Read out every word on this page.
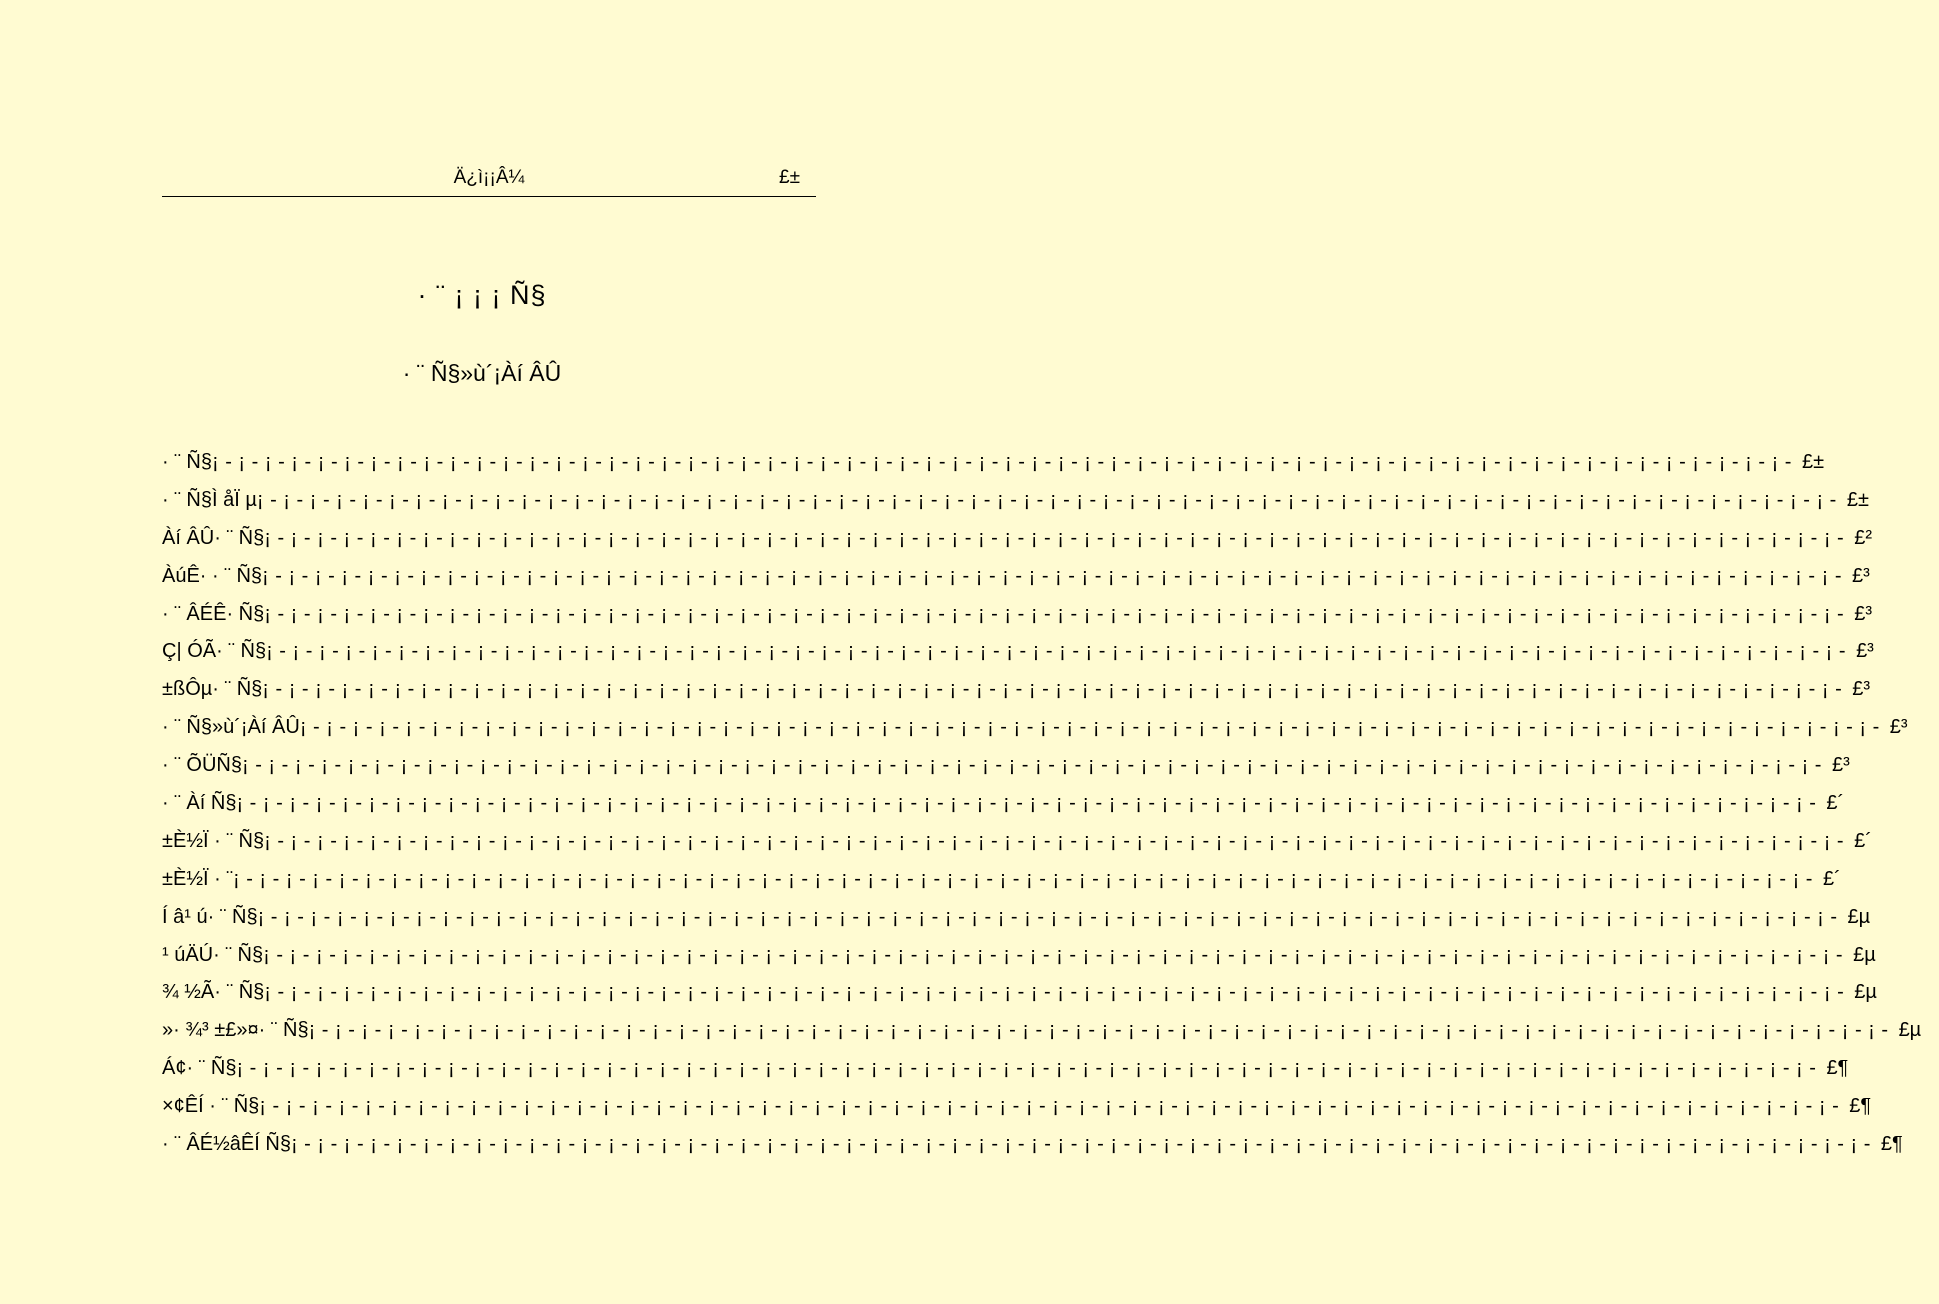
Ä¿ì¡¡Â¼	£±
· ¨ ¡ ¡ ¡ Ñ§
· ¨ Ñ§»ù´¡Àí ÂÛ
· ¨ Ñ§ ¡ - ¡ - ¡ - ¡ - ¡ - ¡ - ¡ - ¡ - ¡ - ¡ - ¡ - ¡ - ¡ - ¡ - ¡ - ¡ - ¡ - ¡ - ¡ - ¡ - ¡ - ¡ - ¡ - ¡ - ¡ - ¡ - ¡ - ¡ - ¡ - ¡ - ¡ - ¡ - ¡ - ¡ - ¡ - ¡ - ¡ - ¡ - ¡ - ¡ - ¡ - ¡ - ¡ - ¡ - ¡ - ¡ - ¡ - ¡ - ¡ - ¡ - ¡ - ¡ - ¡ - ¡ - ¡ - ¡ - ¡ - ¡ - ¡ - ¡ - £±
· ¨ Ñ§Ì åÏ µ ¡ - ¡ - ¡ - ¡ - ¡ - ¡ - ¡ - ¡ - ¡ - ¡ - ¡ - ¡ - ¡ - ¡ - ¡ - ¡ - ¡ - ¡ - ¡ - ¡ - ¡ - ¡ - ¡ - ¡ - ¡ - ¡ - ¡ - ¡ - ¡ - ¡ - ¡ - ¡ - ¡ - ¡ - ¡ - ¡ - ¡ - ¡ - ¡ - ¡ - ¡ - ¡ - ¡ - ¡ - ¡ - ¡ - ¡ - ¡ - ¡ - ¡ - ¡ - ¡ - ¡ - ¡ - ¡ - ¡ - ¡ - ¡ - ¡ - ¡ - £±
Àí ÂÛ· ¨ Ñ§ ¡ - ¡ - ¡ - ¡ - ¡ - ¡ - ¡ - ¡ - ¡ - ¡ - ¡ - ¡ - ¡ - ¡ - ¡ - ¡ - ¡ - ¡ - ¡ - ¡ - ¡ - ¡ - ¡ - ¡ - ¡ - ¡ - ¡ - ¡ - ¡ - ¡ - ¡ - ¡ - ¡ - ¡ - ¡ - ¡ - ¡ - ¡ - ¡ - ¡ - ¡ - ¡ - ¡ - ¡ - ¡ - ¡ - ¡ - ¡ - ¡ - ¡ - ¡ - ¡ - ¡ - ¡ - ¡ - ¡ - ¡ - ¡ - ¡ - ¡ - £²
ÀúÊ· · ¨ Ñ§ ¡ - ¡ - ¡ - ¡ - ¡ - ¡ - ¡ - ¡ - ¡ - ¡ - ¡ - ¡ - ¡ - ¡ - ¡ - ¡ - ¡ - ¡ - ¡ - ¡ - ¡ - ¡ - ¡ - ¡ - ¡ - ¡ - ¡ - ¡ - ¡ - ¡ - ¡ - ¡ - ¡ - ¡ - ¡ - ¡ - ¡ - ¡ - ¡ - ¡ - ¡ - ¡ - ¡ - ¡ - ¡ - ¡ - ¡ - ¡ - ¡ - ¡ - ¡ - ¡ - ¡ - ¡ - ¡ - ¡ - ¡ - ¡ - ¡ - ¡ - £³
· ¨ ÂÉÊ· Ñ§ ¡ - ¡ - ¡ - ¡ - ¡ - ¡ - ¡ - ¡ - ¡ - ¡ - ¡ - ¡ - ¡ - ¡ - ¡ - ¡ - ¡ - ¡ - ¡ - ¡ - ¡ - ¡ - ¡ - ¡ - ¡ - ¡ - ¡ - ¡ - ¡ - ¡ - ¡ - ¡ - ¡ - ¡ - ¡ - ¡ - ¡ - ¡ - ¡ - ¡ - ¡ - ¡ - ¡ - ¡ - ¡ - ¡ - ¡ - ¡ - ¡ - ¡ - ¡ - ¡ - ¡ - ¡ - ¡ - ¡ - ¡ - ¡ - ¡ - ¡ - £³
Ç| ÓÃ· ¨ Ñ§ ¡ - ¡ - ¡ - ¡ - ¡ - ¡ - ¡ - ¡ - ¡ - ¡ - ¡ - ¡ - ¡ - ¡ - ¡ - ¡ - ¡ - ¡ - ¡ - ¡ - ¡ - ¡ - ¡ - ¡ - ¡ - ¡ - ¡ - ¡ - ¡ - ¡ - ¡ - ¡ - ¡ - ¡ - ¡ - ¡ - ¡ - ¡ - ¡ - ¡ - ¡ - ¡ - ¡ - ¡ - ¡ - ¡ - ¡ - ¡ - ¡ - ¡ - ¡ - ¡ - ¡ - ¡ - ¡ - ¡ - ¡ - ¡ - ¡ - ¡ - £³
±ßÔµ· ¨ Ñ§ ¡ - ¡ - ¡ - ¡ - ¡ - ¡ - ¡ - ¡ - ¡ - ¡ - ¡ - ¡ - ¡ - ¡ - ¡ - ¡ - ¡ - ¡ - ¡ - ¡ - ¡ - ¡ - ¡ - ¡ - ¡ - ¡ - ¡ - ¡ - ¡ - ¡ - ¡ - ¡ - ¡ - ¡ - ¡ - ¡ - ¡ - ¡ - ¡ - ¡ - ¡ - ¡ - ¡ - ¡ - ¡ - ¡ - ¡ - ¡ - ¡ - ¡ - ¡ - ¡ - ¡ - ¡ - ¡ - ¡ - ¡ - ¡ - ¡ - ¡ - £³
· ¨ Ñ§»ù´¡Àí ÂÛ ¡ - ¡ - ¡ - ¡ - ¡ - ¡ - ¡ - ¡ - ¡ - ¡ - ¡ - ¡ - ¡ - ¡ - ¡ - ¡ - ¡ - ¡ - ¡ - ¡ - ¡ - ¡ - ¡ - ¡ - ¡ - ¡ - ¡ - ¡ - ¡ - ¡ - ¡ - ¡ - ¡ - ¡ - ¡ - ¡ - ¡ - ¡ - ¡ - ¡ - ¡ - ¡ - ¡ - ¡ - ¡ - ¡ - ¡ - ¡ - ¡ - ¡ - ¡ - ¡ - ¡ - ¡ - ¡ - ¡ - ¡ - ¡ - ¡ - ¡ - £³
· ¨ ÕÜÑ§ ¡ - ¡ - ¡ - ¡ - ¡ - ¡ - ¡ - ¡ - ¡ - ¡ - ¡ - ¡ - ¡ - ¡ - ¡ - ¡ - ¡ - ¡ - ¡ - ¡ - ¡ - ¡ - ¡ - ¡ - ¡ - ¡ - ¡ - ¡ - ¡ - ¡ - ¡ - ¡ - ¡ - ¡ - ¡ - ¡ - ¡ - ¡ - ¡ - ¡ - ¡ - ¡ - ¡ - ¡ - ¡ - ¡ - ¡ - ¡ - ¡ - ¡ - ¡ - ¡ - ¡ - ¡ - ¡ - ¡ - ¡ - ¡ - ¡ - ¡ - £³
· ¨ Àí Ñ§ ¡ - ¡ - ¡ - ¡ - ¡ - ¡ - ¡ - ¡ - ¡ - ¡ - ¡ - ¡ - ¡ - ¡ - ¡ - ¡ - ¡ - ¡ - ¡ - ¡ - ¡ - ¡ - ¡ - ¡ - ¡ - ¡ - ¡ - ¡ - ¡ - ¡ - ¡ - ¡ - ¡ - ¡ - ¡ - ¡ - ¡ - ¡ - ¡ - ¡ - ¡ - ¡ - ¡ - ¡ - ¡ - ¡ - ¡ - ¡ - ¡ - ¡ - ¡ - ¡ - ¡ - ¡ - ¡ - ¡ - ¡ - ¡ - ¡ - ¡ - £´
±È½Ï · ¨ Ñ§ ¡ - ¡ - ¡ - ¡ - ¡ - ¡ - ¡ - ¡ - ¡ - ¡ - ¡ - ¡ - ¡ - ¡ - ¡ - ¡ - ¡ - ¡ - ¡ - ¡ - ¡ - ¡ - ¡ - ¡ - ¡ - ¡ - ¡ - ¡ - ¡ - ¡ - ¡ - ¡ - ¡ - ¡ - ¡ - ¡ - ¡ - ¡ - ¡ - ¡ - ¡ - ¡ - ¡ - ¡ - ¡ - ¡ - ¡ - ¡ - ¡ - ¡ - ¡ - ¡ - ¡ - ¡ - ¡ - ¡ - ¡ - ¡ - ¡ - ¡ - £´
±È½Ï · ¨ ¡ - ¡ - ¡ - ¡ - ¡ - ¡ - ¡ - ¡ - ¡ - ¡ - ¡ - ¡ - ¡ - ¡ - ¡ - ¡ - ¡ - ¡ - ¡ - ¡ - ¡ - ¡ - ¡ - ¡ - ¡ - ¡ - ¡ - ¡ - ¡ - ¡ - ¡ - ¡ - ¡ - ¡ - ¡ - ¡ - ¡ - ¡ - ¡ - ¡ - ¡ - ¡ - ¡ - ¡ - ¡ - ¡ - ¡ - ¡ - ¡ - ¡ - ¡ - ¡ - ¡ - ¡ - ¡ - ¡ - ¡ - ¡ - ¡ - ¡ - £´
Í â¹ ú· ¨ Ñ§ ¡ - ¡ - ¡ - ¡ - ¡ - ¡ - ¡ - ¡ - ¡ - ¡ - ¡ - ¡ - ¡ - ¡ - ¡ - ¡ - ¡ - ¡ - ¡ - ¡ - ¡ - ¡ - ¡ - ¡ - ¡ - ¡ - ¡ - ¡ - ¡ - ¡ - ¡ - ¡ - ¡ - ¡ - ¡ - ¡ - ¡ - ¡ - ¡ - ¡ - ¡ - ¡ - ¡ - ¡ - ¡ - ¡ - ¡ - ¡ - ¡ - ¡ - ¡ - ¡ - ¡ - ¡ - ¡ - ¡ - ¡ - ¡ - ¡ - ¡ - £µ
¹ úÄÚ· ¨ Ñ§ ¡ - ¡ - ¡ - ¡ - ¡ - ¡ - ¡ - ¡ - ¡ - ¡ - ¡ - ¡ - ¡ - ¡ - ¡ - ¡ - ¡ - ¡ - ¡ - ¡ - ¡ - ¡ - ¡ - ¡ - ¡ - ¡ - ¡ - ¡ - ¡ - ¡ - ¡ - ¡ - ¡ - ¡ - ¡ - ¡ - ¡ - ¡ - ¡ - ¡ - ¡ - ¡ - ¡ - ¡ - ¡ - ¡ - ¡ - ¡ - ¡ - ¡ - ¡ - ¡ - ¡ - ¡ - ¡ - ¡ - ¡ - ¡ - ¡ - ¡ - £µ
¾ ½Ã· ¨ Ñ§ ¡ - ¡ - ¡ - ¡ - ¡ - ¡ - ¡ - ¡ - ¡ - ¡ - ¡ - ¡ - ¡ - ¡ - ¡ - ¡ - ¡ - ¡ - ¡ - ¡ - ¡ - ¡ - ¡ - ¡ - ¡ - ¡ - ¡ - ¡ - ¡ - ¡ - ¡ - ¡ - ¡ - ¡ - ¡ - ¡ - ¡ - ¡ - ¡ - ¡ - ¡ - ¡ - ¡ - ¡ - ¡ - ¡ - ¡ - ¡ - ¡ - ¡ - ¡ - ¡ - ¡ - ¡ - ¡ - ¡ - ¡ - ¡ - ¡ - ¡ - £µ
»· ¾³ ±£»¤· ¨ Ñ§ ¡ - ¡ - ¡ - ¡ - ¡ - ¡ - ¡ - ¡ - ¡ - ¡ - ¡ - ¡ - ¡ - ¡ - ¡ - ¡ - ¡ - ¡ - ¡ - ¡ - ¡ - ¡ - ¡ - ¡ - ¡ - ¡ - ¡ - ¡ - ¡ - ¡ - ¡ - ¡ - ¡ - ¡ - ¡ - ¡ - ¡ - ¡ - ¡ - ¡ - ¡ - ¡ - ¡ - ¡ - ¡ - ¡ - ¡ - ¡ - ¡ - ¡ - ¡ - ¡ - ¡ - ¡ - ¡ - ¡ - ¡ - ¡ - ¡ - ¡ - £µ
Á¢· ¨ Ñ§ ¡ - ¡ - ¡ - ¡ - ¡ - ¡ - ¡ - ¡ - ¡ - ¡ - ¡ - ¡ - ¡ - ¡ - ¡ - ¡ - ¡ - ¡ - ¡ - ¡ - ¡ - ¡ - ¡ - ¡ - ¡ - ¡ - ¡ - ¡ - ¡ - ¡ - ¡ - ¡ - ¡ - ¡ - ¡ - ¡ - ¡ - ¡ - ¡ - ¡ - ¡ - ¡ - ¡ - ¡ - ¡ - ¡ - ¡ - ¡ - ¡ - ¡ - ¡ - ¡ - ¡ - ¡ - ¡ - ¡ - ¡ - ¡ - ¡ - ¡ - £¶
×¢ÊÍ · ¨ Ñ§ ¡ - ¡ - ¡ - ¡ - ¡ - ¡ - ¡ - ¡ - ¡ - ¡ - ¡ - ¡ - ¡ - ¡ - ¡ - ¡ - ¡ - ¡ - ¡ - ¡ - ¡ - ¡ - ¡ - ¡ - ¡ - ¡ - ¡ - ¡ - ¡ - ¡ - ¡ - ¡ - ¡ - ¡ - ¡ - ¡ - ¡ - ¡ - ¡ - ¡ - ¡ - ¡ - ¡ - ¡ - ¡ - ¡ - ¡ - ¡ - ¡ - ¡ - ¡ - ¡ - ¡ - ¡ - ¡ - ¡ - ¡ - ¡ - ¡ - ¡ - £¶
· ¨ ÂÉ½âÊÍ Ñ§ ¡ - ¡ - ¡ - ¡ - ¡ - ¡ - ¡ - ¡ - ¡ - ¡ - ¡ - ¡ - ¡ - ¡ - ¡ - ¡ - ¡ - ¡ - ¡ - ¡ - ¡ - ¡ - ¡ - ¡ - ¡ - ¡ - ¡ - ¡ - ¡ - ¡ - ¡ - ¡ - ¡ - ¡ - ¡ - ¡ - ¡ - ¡ - ¡ - ¡ - ¡ - ¡ - ¡ - ¡ - ¡ - ¡ - ¡ - ¡ - ¡ - ¡ - ¡ - ¡ - ¡ - ¡ - ¡ - ¡ - ¡ - ¡ - ¡ - ¡ - £¶
